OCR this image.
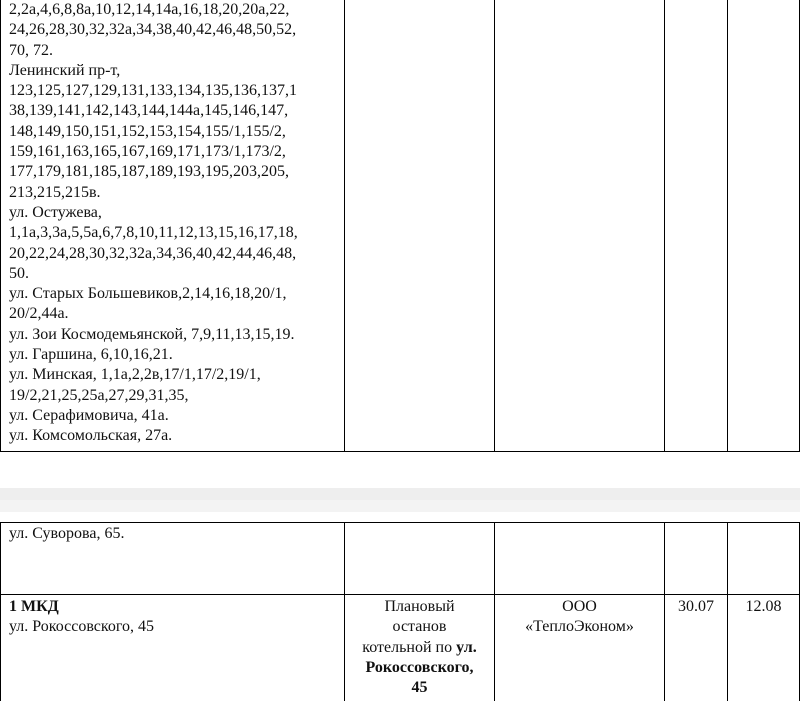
2,2а,4,6,8,8а,10,12,14,14а,16,18,20,20а,22,
24,26,28,30,32,32а,34,38,40,42,46,48,50,52,
70, 72.
Ленинский пр-т,
123,125,127,129,131,133,134,135,136,137,1
38,139,141,142,143,144,144а,145,146,147,
148,149,150,151,152,153,154,155/1,155/2,
159,161,163,165,167,169,171,173/1,173/2,
177,179,181,185,187,189,193,195,203,205,
213,215,215в.
ул. Остужева,
1,1а,3,3а,5,5а,6,7,8,10,11,12,13,15,16,17,18,
20,22,24,28,30,32,32а,34,36,40,42,44,46,48,
50.
ул. Старых Большевиков,2,14,16,18,20/1,
20/2,44а.
ул. Зои Космодемьянской, 7,9,11,13,15,19.
ул. Гаршина, 6,10,16,21.
ул. Минская, 1,1а,2,2в,17/1,17/2,19/1,
19/2,21,25,25а,27,29,31,35,
ул. Серафимовича, 41а.
ул. Комсомольская, 27а.
ул. Суворова, 65.
1 МКД
ул. Рокоссовского, 45
Плановый
останов
котельной по ул.
Рокоссовского,
45
ООО
«ТеплоЭконом»
30.07	12.08
